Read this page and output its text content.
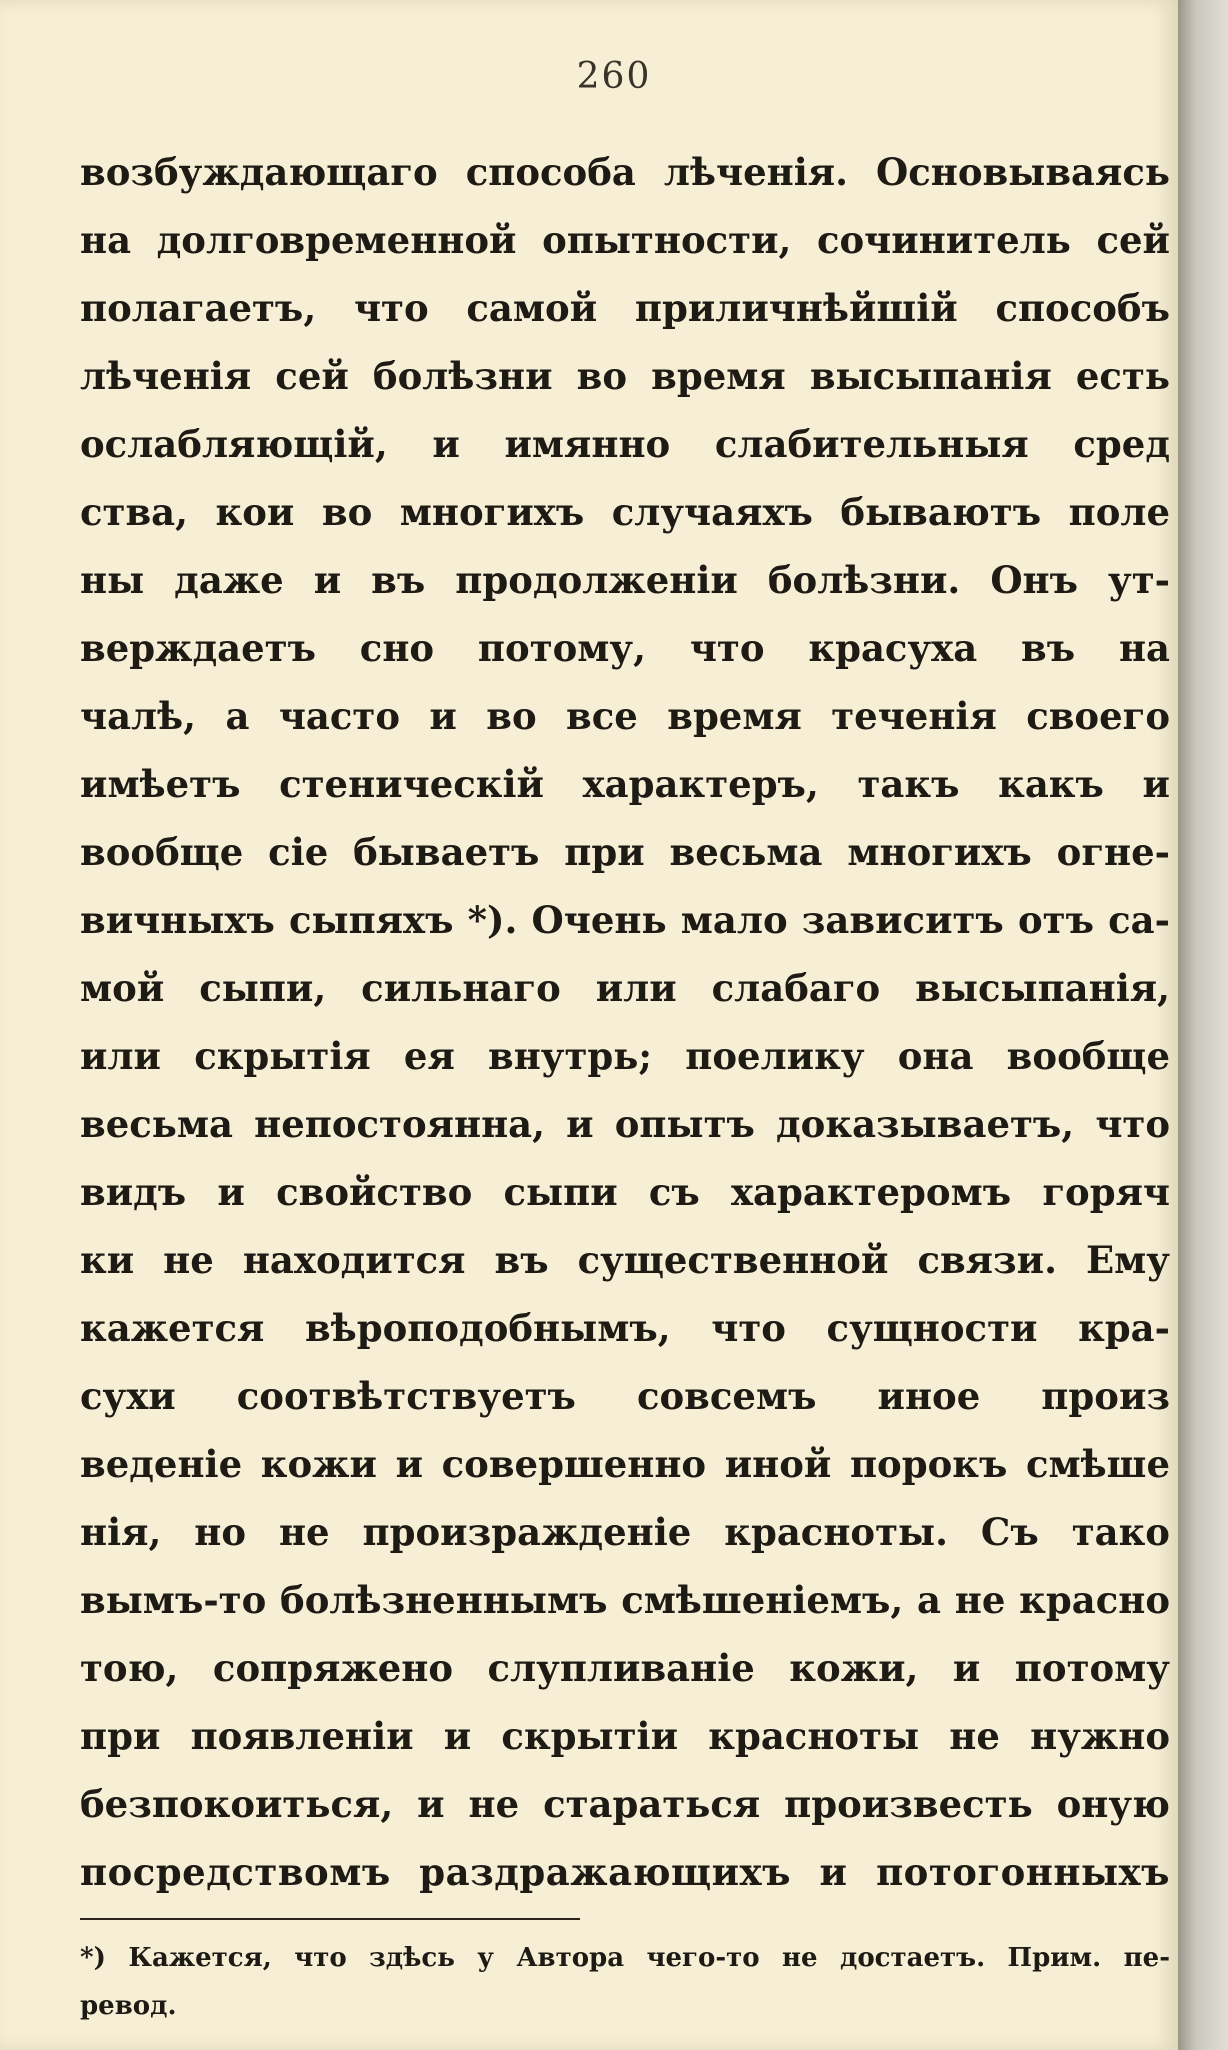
260
возбуждающаго способа лѣченія. Основываясь
на долговременной опытности, сочинитель сей
полагаетъ, что самой приличнѣйшій способъ
лѣченія сей болѣзни во время высыпанія есть
ослабляющій, и имянно слабительныя сред
ства, кои во многихъ случаяхъ бываютъ поле
ны даже и въ продолженіи болѣзни. Онъ ут-
верждаетъ сно потому, что красуха въ на
чалѣ, а часто и во все время теченія своего
имѣетъ стеническій характеръ, такъ какъ и
вообще сіе бываетъ при весьма многихъ огне-
вичныхъ сыпяхъ *). Очень мало зависитъ отъ са-
мой сыпи, сильнаго или слабаго высыпанія,
или скрытія ея внутрь; поелику она вообще
весьма непостоянна, и опытъ доказываетъ, что
видъ и свойство сыпи съ характеромъ горяч
ки не находится въ существенной связи. Ему
кажется вѣроподобнымъ, что сущности кра-
сухи соотвѣтствуетъ совсемъ иное произ
веденіе кожи и совершенно иной порокъ смѣше
нія, но не произражденіе красноты. Съ тако
вымъ-то болѣзненнымъ смѣшеніемъ, а не красно
тою, сопряжено слупливаніе кожи, и потому
при появленіи и скрытіи красноты не нужно
безпокоиться, и не стараться произвесть оную
посредствомъ раздражающихъ и потогонныхъ
*) Кажется, что здѣсь у Автора чего-то не достаетъ. Прим. пе-
ревод.
